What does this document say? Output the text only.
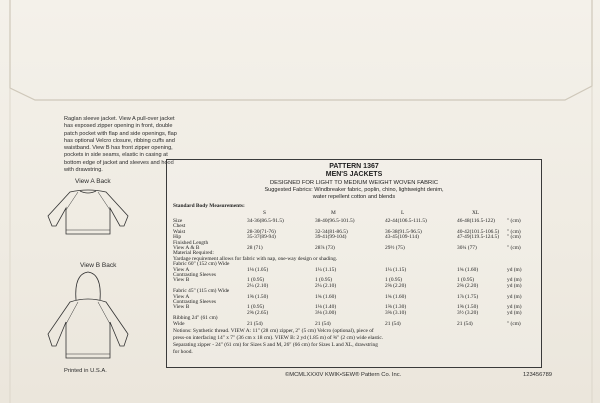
Raglan sleeve jacket. View A pull-over jacket
has exposed zipper opening in front, double
patch pocket with flap and side openings, flap
has optional Velcro closure, ribbing cuffs and
waistband. View B has front zipper opening,
pockets in side seams, elastic in casing at
bottom edge of jacket and sleeves and hood
with drawstring.
View A Back
View B Back
PATTERN 1367
MEN'S JACKETS
DESIGNED FOR LIGHT TO MEDIUM WEIGHT WOVEN FABRIC
Suggested Fabrics: Windbreaker fabric, poplin, chino, lightweight denim,
water repellent cotton and blends
Standard Body Measurements:
S	M	L	XL
Size	34-36(86.5-91.5)	38-40(96.5-101.5)	42-44(106.5-111.5)	46-48(116.5-122) " (cm)
Chest
Waist	28-30(71-76)	32-34(81-86.5)	36-38(91.5-96.5)	40-42(101.5-106.5) " (cm)
Hip	35-37(89-94)	39-41(99-104)	43-45(109-114)	47-49(119.5-124.5) " (cm)
Finished Length
View A & B	28 (71)	28⅞ (73)	29½ (75)	30¼ (77)	" (cm)
Material Required:
Yardage requirement allows for fabric with nap, one-way design or shading.
Fabric 60" (152 cm) Wide
View A	1⅛ (1.05)	1¼ (1.15)	1¼ (1.15)	1¾ (1.60)	yd (m)
Contrasting Sleeves
View B	1 (0.95)	1 (0.95)	1 (0.95)	1 (0.95)	yd (m)
2¼ (2.10)	2¼ (2.10)	2⅜ (2.20)	2⅜ (2.20)	yd (m)
Fabric 45" (115 cm) Wide
View A	1⅝ (1.50)	1¾ (1.60)	1¾ (1.60)	1⅞ (1.75)	yd (m)
Contrasting Sleeves
View B	1 (0.95)	1⅛ (1.40)	1⅜ (1.30)	1⅝ (1.50)	yd (m)
2⅝ (2.65)	3⅛ (3.00)	3⅜ (3.10)	3½ (3.20)	yd (m)
Ribbing 24" (61 cm)
Wide	21 (54)	21 (54)	21 (54)	21 (54)	" (cm)
Notions: Synthetic thread. VIEW A: 11" (28 cm) zipper, 2" (5 cm) Velcro (optional), piece of
press-on interfacing 14" x 7" (36 cm x 18 cm). VIEW B: 2 yd (1.85 m) of ⅝" (2 cm) wide elastic.
Separating zipper - 24" (61 cm) for Sizes S and M, 26" (66 cm) for Sizes L and XL, drawstring
for hood.
Printed in U.S.A.
©MCMLXXXIV KWIK•SEW® Pattern Co. Inc.	123456789
